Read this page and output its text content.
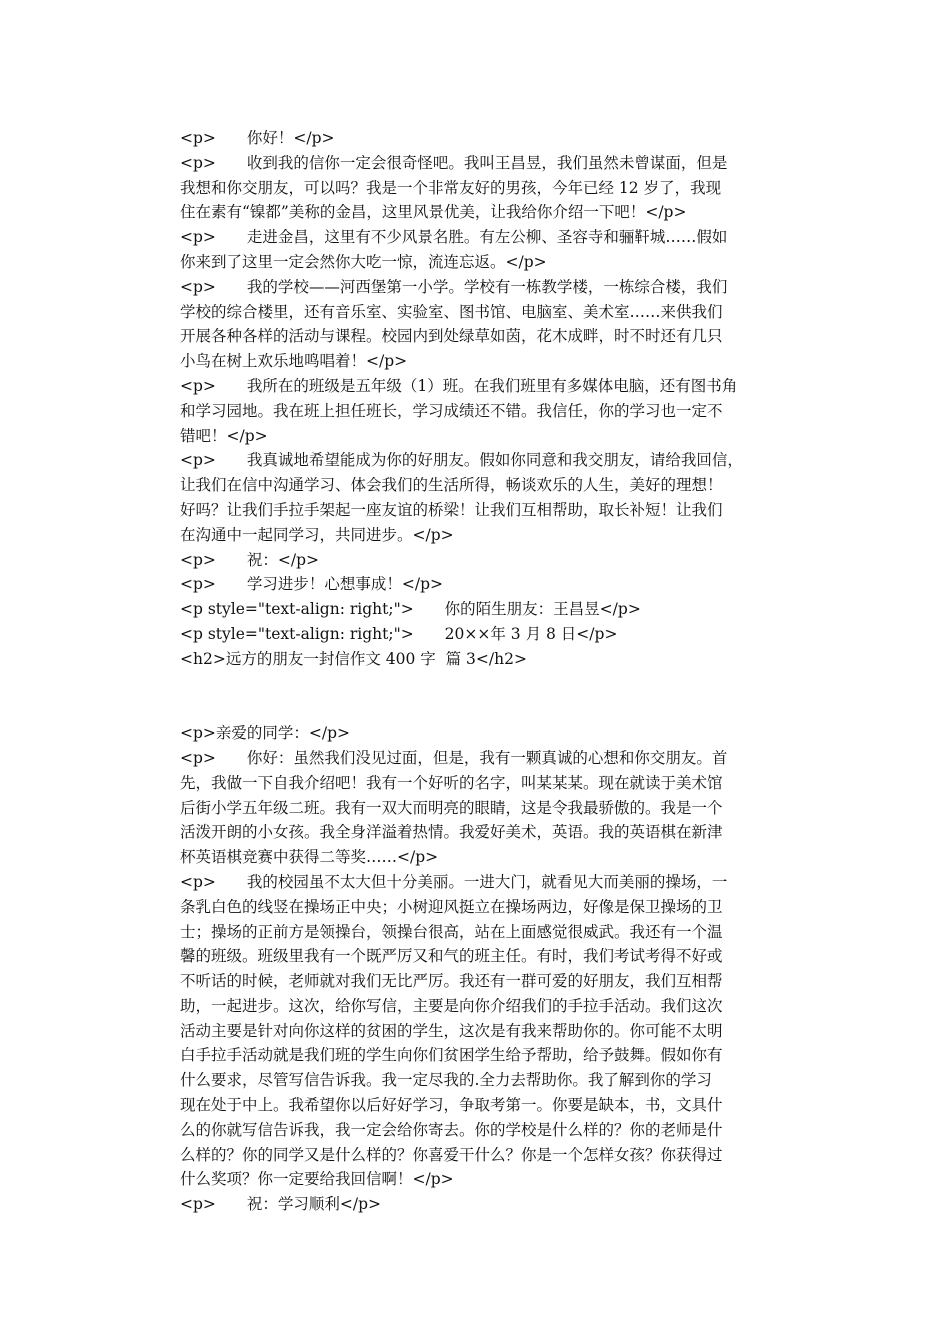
<p>　　你好！</p>
<p>　　收到我的信你一定会很奇怪吧。我叫王昌昱，我们虽然未曾谋面，但是
我想和你交朋友，可以吗？我是一个非常友好的男孩，今年已经 12 岁了，我现
住在素有“镍都”美称的金昌，这里风景优美，让我给你介绍一下吧！</p>
<p>　　走进金昌，这里有不少风景名胜。有左公柳、圣容寺和骊靬城……假如
你来到了这里一定会然你大吃一惊，流连忘返。</p>
<p>　　我的学校——河西堡第一小学。学校有一栋教学楼，一栋综合楼，我们
学校的综合楼里，还有音乐室、实验室、图书馆、电脑室、美术室……来供我们
开展各种各样的活动与课程。校园内到处绿草如茵，花木成畔，时不时还有几只
小鸟在树上欢乐地鸣唱着！</p>
<p>　　我所在的班级是五年级（1）班。在我们班里有多媒体电脑，还有图书角
和学习园地。我在班上担任班长，学习成绩还不错。我信任，你的学习也一定不
错吧！</p>
<p>　　我真诚地希望能成为你的好朋友。假如你同意和我交朋友，请给我回信，
让我们在信中沟通学习、体会我们的生活所得，畅谈欢乐的人生，美好的理想！
好吗？让我们手拉手架起一座友谊的桥梁！让我们互相帮助，取长补短！让我们
在沟通中一起同学习，共同进步。</p>
<p>　　祝：</p>
<p>　　学习进步！心想事成！</p>
<p style="text-align: right;">　　你的陌生朋友：王昌昱</p>
<p style="text-align: right;">　　20××年 3 月 8 日</p>
<h2>远方的朋友一封信作文 400 字  篇 3</h2>
<p>亲爱的同学：</p>
<p>　　你好：虽然我们没见过面，但是，我有一颗真诚的心想和你交朋友。首
先，我做一下自我介绍吧！我有一个好听的名字，叫某某某。现在就读于美术馆
后街小学五年级二班。我有一双大而明亮的眼睛，这是令我最骄傲的。我是一个
活泼开朗的小女孩。我全身洋溢着热情。我爱好美术，英语。我的英语棋在新津
杯英语棋竞赛中获得二等奖……</p>
<p>　　我的校园虽不太大但十分美丽。一进大门，就看见大而美丽的操场，一
条乳白色的线竖在操场正中央；小树迎风挺立在操场两边，好像是保卫操场的卫
士；操场的正前方是领操台，领操台很高，站在上面感觉很威武。我还有一个温
馨的班级。班级里我有一个既严厉又和气的班主任。有时，我们考试考得不好或
不听话的时候，老师就对我们无比严厉。我还有一群可爱的好朋友，我们互相帮
助，一起进步。这次，给你写信，主要是向你介绍我们的手拉手活动。我们这次
活动主要是针对向你这样的贫困的学生，这次是有我来帮助你的。你可能不太明
白手拉手活动就是我们班的学生向你们贫困学生给予帮助，给予鼓舞。假如你有
什么要求，尽管写信告诉我。我一定尽我的.全力去帮助你。我了解到你的学习
现在处于中上。我希望你以后好好学习，争取考第一。你要是缺本，书，文具什
么的你就写信告诉我，我一定会给你寄去。你的学校是什么样的？你的老师是什
么样的？你的同学又是什么样的？你喜爱干什么？你是一个怎样女孩？你获得过
什么奖项？你一定要给我回信啊！</p>
<p>　　祝：学习顺利</p>
